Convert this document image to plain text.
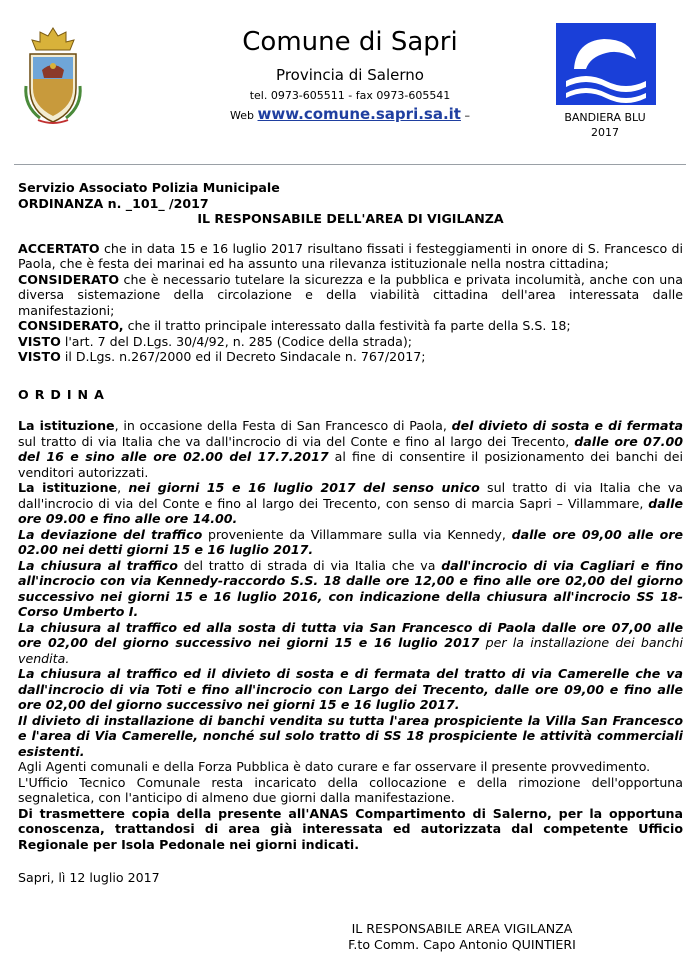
Comune di Sapri
Provincia di Salerno
tel. 0973-605511 - fax 0973-605541
Web www.comune.sapri.sa.it –	BANDIERA BLU
2017

Servizio Associato Polizia Municipale

ORDINANZA n. _101_ /2017

IL RESPONSABILE DELL'AREA DI VIGILANZA

ACCERTATO che in data 15 e 16 luglio 2017 risultano fissati i festeggiamenti in onore di S. Francesco di Paola, che è festa dei marinai ed ha assunto una rilevanza istituzionale nella nostra cittadina;

CONSIDERATO che è necessario tutelare la sicurezza e la pubblica e privata incolumità, anche con una diversa sistemazione della circolazione e della viabilità cittadina dell'area interessata dalle manifestazioni;

CONSIDERATO, che il tratto principale interessato dalla festività fa parte della S.S. 18;

VISTO l'art. 7 del D.Lgs. 30/4/92, n. 285 (Codice della strada);

VISTO il D.Lgs. n.267/2000 ed il Decreto Sindacale n. 767/2017;

ORDINA

La istituzione, in occasione della Festa di San Francesco di Paola, del divieto di sosta e di fermata sul tratto di via Italia che va dall'incrocio di via del Conte e fino al largo dei Trecento, dalle ore 07.00 del 16 e sino alle ore 02.00 del 17.7.2017 al fine di consentire il posizionamento dei banchi dei venditori autorizzati.

La istituzione, nei giorni 15 e 16 luglio 2017 del senso unico sul tratto di via Italia che va dall'incrocio di via del Conte e fino al largo dei Trecento, con senso di marcia Sapri – Villammare, dalle ore 09.00 e fino alle ore 14.00.

La deviazione del traffico proveniente da Villammare sulla via Kennedy, dalle ore 09,00 alle ore 02.00 nei detti giorni 15 e 16 luglio 2017.

La chiusura al traffico del tratto di strada di via Italia che va dall'incrocio di via Cagliari e fino all'incrocio con via Kennedy-raccordo S.S. 18 dalle ore 12,00 e fino alle ore 02,00 del giorno successivo nei giorni 15 e 16 luglio 2016, con indicazione della chiusura all'incrocio SS 18- Corso Umberto I.

La chiusura al traffico ed alla sosta di tutta via San Francesco di Paola dalle ore 07,00 alle ore 02,00 del giorno successivo nei giorni 15 e 16 luglio 2017 per la installazione dei banchi vendita.

La chiusura al traffico ed il divieto di sosta e di fermata del tratto di via Camerelle che va dall'incrocio di via Toti e fino all'incrocio con Largo dei Trecento, dalle ore 09,00 e fino alle ore 02,00 del giorno successivo nei giorni 15 e 16 luglio 2017.

Il divieto di installazione di banchi vendita su tutta l'area prospiciente la Villa San Francesco e l'area di Via Camerelle, nonché sul solo tratto di SS 18 prospiciente le attività commerciali esistenti.

Agli Agenti comunali e della Forza Pubblica è dato curare e far osservare il presente provvedimento.

L'Ufficio Tecnico Comunale resta incaricato della collocazione e della rimozione dell'opportuna segnaletica, con l'anticipo di almeno due giorni dalla manifestazione.

Di trasmettere copia della presente all'ANAS Compartimento di Salerno, per la opportuna conoscenza, trattandosi di area già interessata ed autorizzata dal competente Ufficio Regionale per Isola Pedonale nei giorni indicati.

Sapri, lì 12 luglio 2017

IL RESPONSABILE AREA VIGILANZA
F.to Comm. Capo Antonio QUINTIERI
